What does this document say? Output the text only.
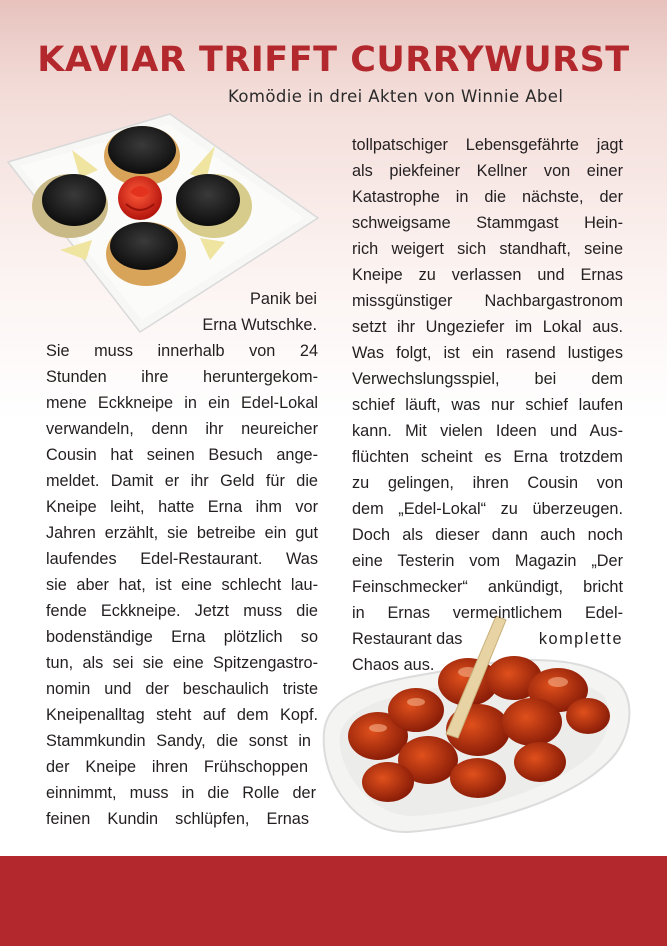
KAVIAR TRIFFT CURRYWURST

Komödie in drei Akten von Winnie Abel

Panik bei

Erna Wutschke.

Sie muss innerhalb von 24

Stunden ihre heruntergekom-

mene Eckkneipe in ein Edel-Lokal

verwandeln, denn ihr neureicher

Cousin hat seinen Besuch ange-

meldet. Damit er ihr Geld für die

Kneipe leiht, hatte Erna ihm vor

Jahren erzählt, sie betreibe ein gut

laufendes Edel-Restaurant. Was

sie aber hat, ist eine schlecht lau-

fende Eckkneipe. Jetzt muss die

bodenständige Erna plötzlich so

tun, als sei sie eine Spitzengastro-

nomin und der beschaulich triste

Kneipenalltag steht auf dem Kopf.

Stammkundin Sandy, die sonst in

der Kneipe ihren Frühschoppen

einnimmt, muss in die Rolle der

feinen Kundin schlüpfen, Ernas

tollpatschiger Lebensgefährte jagt

als piekfeiner Kellner von einer

Katastrophe in die nächste, der

schweigsame Stammgast Hein-

rich weigert sich standhaft, seine

Kneipe zu verlassen und Ernas

missgünstiger Nachbargastronom

setzt ihr Ungeziefer im Lokal aus.

Was folgt, ist ein rasend lustiges

Verwechslungsspiel, bei dem

schief läuft, was nur schief laufen

kann. Mit vielen Ideen und Aus-

flüchten scheint es Erna trotzdem

zu gelingen, ihren Cousin von

dem „Edel-Lokal“ zu überzeugen.

Doch als dieser dann auch noch

eine Testerin vom Magazin „Der

Feinschmecker“ ankündigt, bricht

in Ernas vermeintlichem Edel-

Restaurant das	komplette

Chaos aus.
